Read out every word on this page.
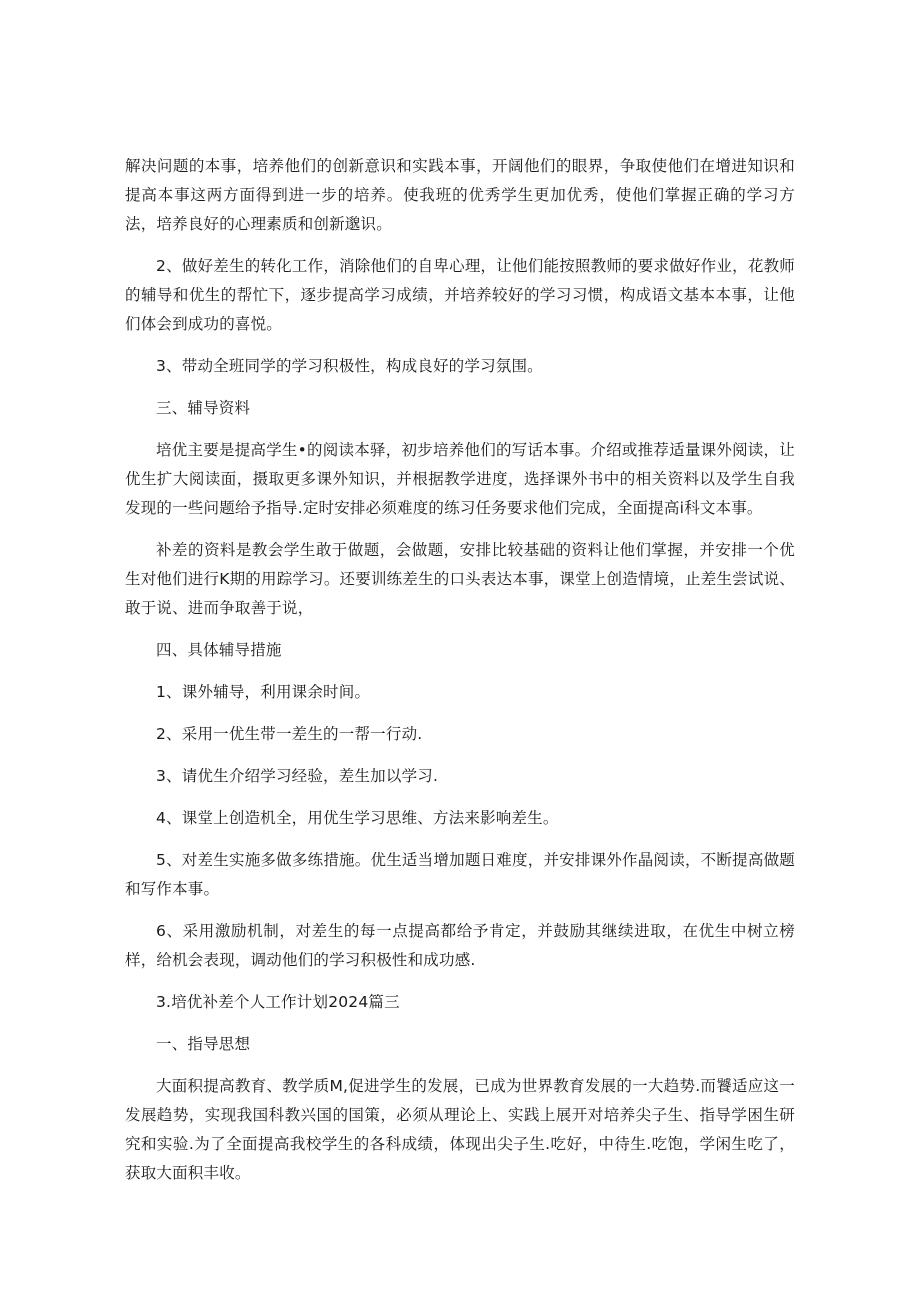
解决问题的本事，培养他们的创新意识和实践本事，开阔他们的眼界，争取使他们在增进知识和提高本事这两方面得到进一步的培养。使我班的优秀学生更加优秀，使他们掌握正确的学习方法，培养良好的心理素质和创新邈识。

2、做好差生的转化工作，消除他们的自卑心理，让他们能按照教师的要求做好作业，花教师的辅导和优生的帮忙下，逐步提高学习成绩，并培养较好的学习习惯，构成语文基本本事，让他们体会到成功的喜悦。

3、带动全班同学的学习积极性，构成良好的学习氛围。

三、辅导资料

培优主要是提高学生•的阅读本驿，初步培养他们的写话本事。介绍或推荐适量课外阅读，让优生扩大阅读面，摄取更多课外知识，并根据教学进度，选择课外书中的相关资料以及学生自我发现的一些问题给予指导.定时安排必须难度的练习任务要求他们完成，全面提高i科文本事。

补差的资料是教会学生敢于做题，会做题，安排比较基础的资料让他们掌握，并安排一个优生对他们进行K期的用踪学习。还要训练差生的口头表达本事，课堂上创造情境，止差生尝试说、敢于说、进而争取善于说，

四、具体辅导措施

1、课外辅导，利用课余时间。

2、采用一优生带一差生的一帮一行动.

3、请优生介绍学习经验，差生加以学习.

4、课堂上创造机全，用优生学习思维、方法来影响差生。

5、对差生实施多做多练措施。优生适当增加题日难度，并安排课外作晶阅读，不断提高做题和写作本事。

6、采用激励机制，对差生的每一点提高都给予肯定，并鼓励其继续进取，在优生中树立榜样，给机会表现，调动他们的学习积极性和成功感.

3.培优补差个人工作计划2024篇三

一、指导思想

大面积提高教育、教学质M,促进学生的发展，已成为世界教育发展的一大趋势.而饕适应这一发展趋势，实现我国科教兴国的国策，必须从理论上、实践上展开对培养尖子生、指导学困生研究和实验.为了全面提高我校学生的各科成绩，体现出尖子生.吃好，中待生.吃饱，学闲生吃了，获取大面积丰收。
